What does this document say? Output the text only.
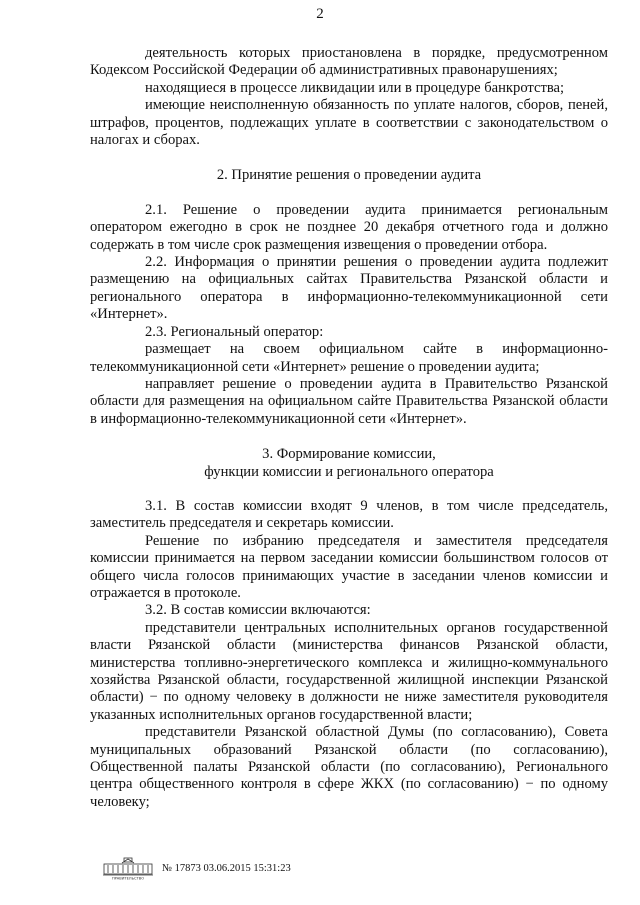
2

деятельность которых приостановлена в порядке, предусмотренном Кодексом Российской Федерации об административных правонарушениях;

находящиеся в процессе ликвидации или в процедуре банкротства;

имеющие неисполненную обязанность по уплате налогов, сборов, пеней, штрафов, процентов, подлежащих уплате в соответствии с законодательством о налогах и сборах.

2. Принятие решения о проведении аудита

2.1. Решение о проведении аудита принимается региональным оператором ежегодно в срок не позднее 20 декабря отчетного года и должно содержать в том числе срок размещения извещения о проведении отбора.

2.2. Информация о принятии решения о проведении аудита подлежит размещению на официальных сайтах Правительства Рязанской области и регионального оператора в информационно-телекоммуникационной сети «Интернет».

2.3. Региональный оператор:

размещает на своем официальном сайте в информационно-телекоммуникационной сети «Интернет» решение о проведении аудита;

направляет решение о проведении аудита в Правительство Рязанской области для размещения на официальном сайте Правительства Рязанской области в информационно-телекоммуникационной сети «Интернет».

3. Формирование комиссии,
функции комиссии и регионального оператора

3.1. В состав комиссии входят 9 членов, в том числе председатель, заместитель председателя и секретарь комиссии.

Решение по избранию председателя и заместителя председателя комиссии принимается на первом заседании комиссии большинством голосов от общего числа голосов принимающих участие в заседании членов комиссии и отражается в протоколе.

3.2. В состав комиссии включаются:

представители центральных исполнительных органов государственной власти Рязанской области (министерства финансов Рязанской области, министерства топливно-энергетического комплекса и жилищно-коммунального хозяйства Рязанской области, государственной жилищной инспекции Рязанской области) − по одному человеку в должности не ниже заместителя руководителя указанных исполнительных органов государственной власти;

представители Рязанской областной Думы (по согласованию), Совета муниципальных образований Рязанской области (по согласованию), Общественной палаты Рязанской области (по согласованию), Регионального центра общественного контроля в сфере ЖКХ (по согласованию) − по одному человеку;

ПРАВИТЕЛЬСТВО
№ 17873 03.06.2015 15:31:23
